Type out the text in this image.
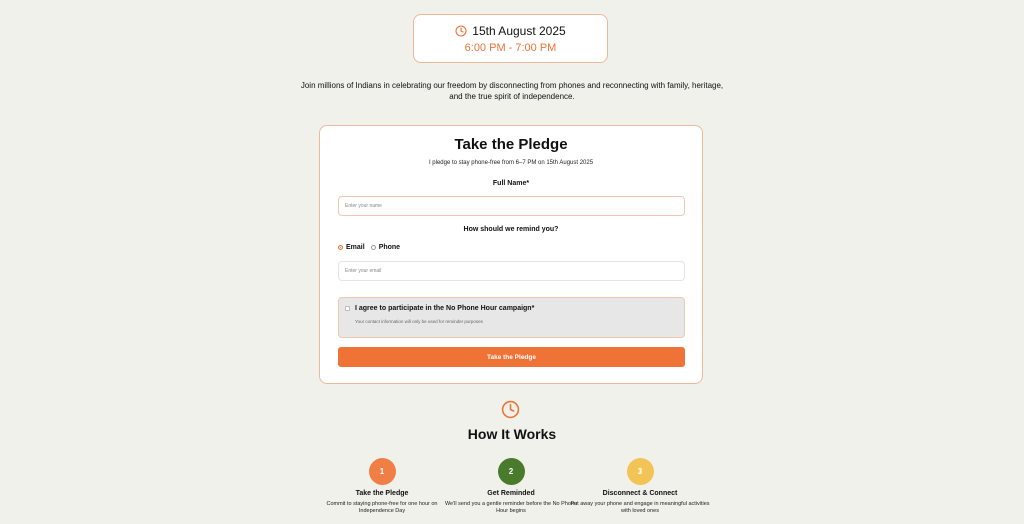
15th August 2025
6:00 PM - 7:00 PM

Join millions of Indians in celebrating our freedom by disconnecting from phones and reconnecting with family, heritage, and the true spirit of independence.

Take the Pledge
I pledge to stay phone-free from 6–7 PM on 15th August 2025
Full Name*
Enter your name
How should we remind you?
Email Phone
Enter your email
I agree to participate in the No Phone Hour campaign*
Your contact information will only be used for reminder purposes
Take the Pledge
How It Works
1
Take the Pledge
Commit to staying phone-free for one hour on Independence Day
2
Get Reminded
We'll send you a gentle reminder before the No Phone Hour begins
3
Disconnect & Connect
Put away your phone and engage in meaningful activities with loved ones
